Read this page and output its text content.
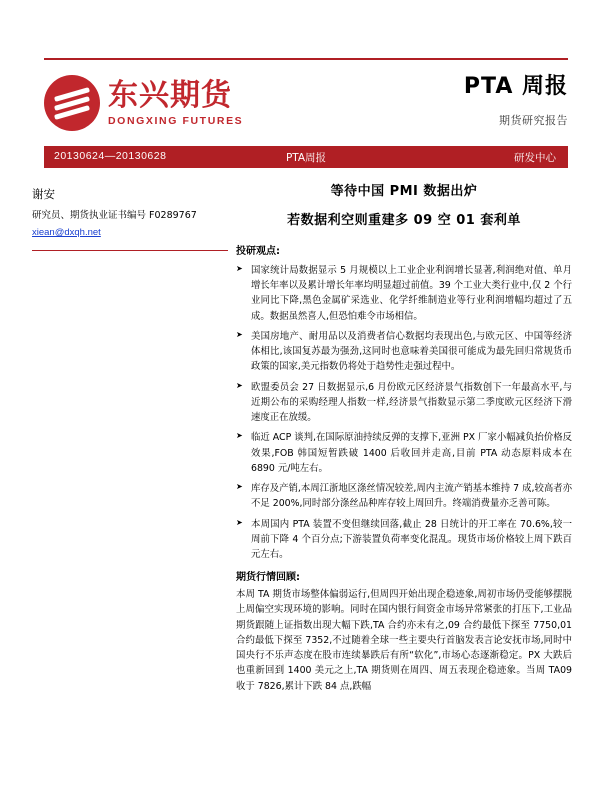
东兴期货
DONGXING FUTURES
PTA 周报
期货研究报告
20130624—20130628	PTA周报	研发中心
谢安
研究员、期货执业证书编号 F0289767
xiean@dxqh.net
等待中国 PMI 数据出炉
若数据利空则重建多 09 空 01 套利单
投研观点:
➤ 国家统计局数据显示 5 月规模以上工业企业利润增长显著,利润绝对值、单月增长年率以及累计增长年率均明显超过前值。39 个工业大类行业中,仅 2 个行业同比下降,黑色金属矿采选业、化学纤维制造业等行业利润增幅均超过了五成。数据虽然喜人,但恐怕难令市场相信。
➤ 美国房地产、耐用品以及消费者信心数据均表现出色,与欧元区、中国等经济体相比,该国复苏最为强劲,这同时也意味着美国很可能成为最先回归常规货币政策的国家,美元指数仍将处于趋势性走强过程中。
➤ 欧盟委员会 27 日数据显示,6 月份欧元区经济景气指数创下一年最高水平,与近期公布的采购经理人指数一样,经济景气指数显示第二季度欧元区经济下滑速度正在放缓。
➤ 临近 ACP 谈判,在国际原油持续反弹的支撑下,亚洲 PX 厂家小幅减负抬价格反效果,FOB 韩国短暂跌破 1400 后收回并走高,目前 PTA 动态原料成本在 6890 元/吨左右。
➤ 库存及产销,本周江浙地区涤丝情况较差,周内主流产销基本维持 7 成,较高者亦不足 200%,同时部分涤丝品种库存较上周回升。终端消费量亦乏善可陈。
➤ 本周国内 PTA 装置不变但继续回落,截止 28 日统计的开工率在 70.6%,较一周前下降 4 个百分点;下游装置负荷率变化混乱。现货市场价格较上周下跌百元左右。
期货行情回顾:
本周 TA 期货市场整体偏弱运行,但周四开始出现企稳迹象,周初市场仍受能够摆脱上周偏空实现环境的影响。同时在国内银行间资金市场异常紧张的打压下,工业品期货跟随上证指数出现大幅下跌,TA 合约亦未有之,09 合约最低下探至 7750,01 合约最低下探至 7352,不过随着全球一些主要央行首脑发表言论安抚市场,同时中国央行不乐声态度在股市连续暴跌后有所“软化”,市场心态逐渐稳定。PX 大跌后也重新回到 1400 美元之上,TA 期货则在周四、周五表现企稳迹象。当周 TA09 收于 7826,累计下跌 84 点,跌幅
